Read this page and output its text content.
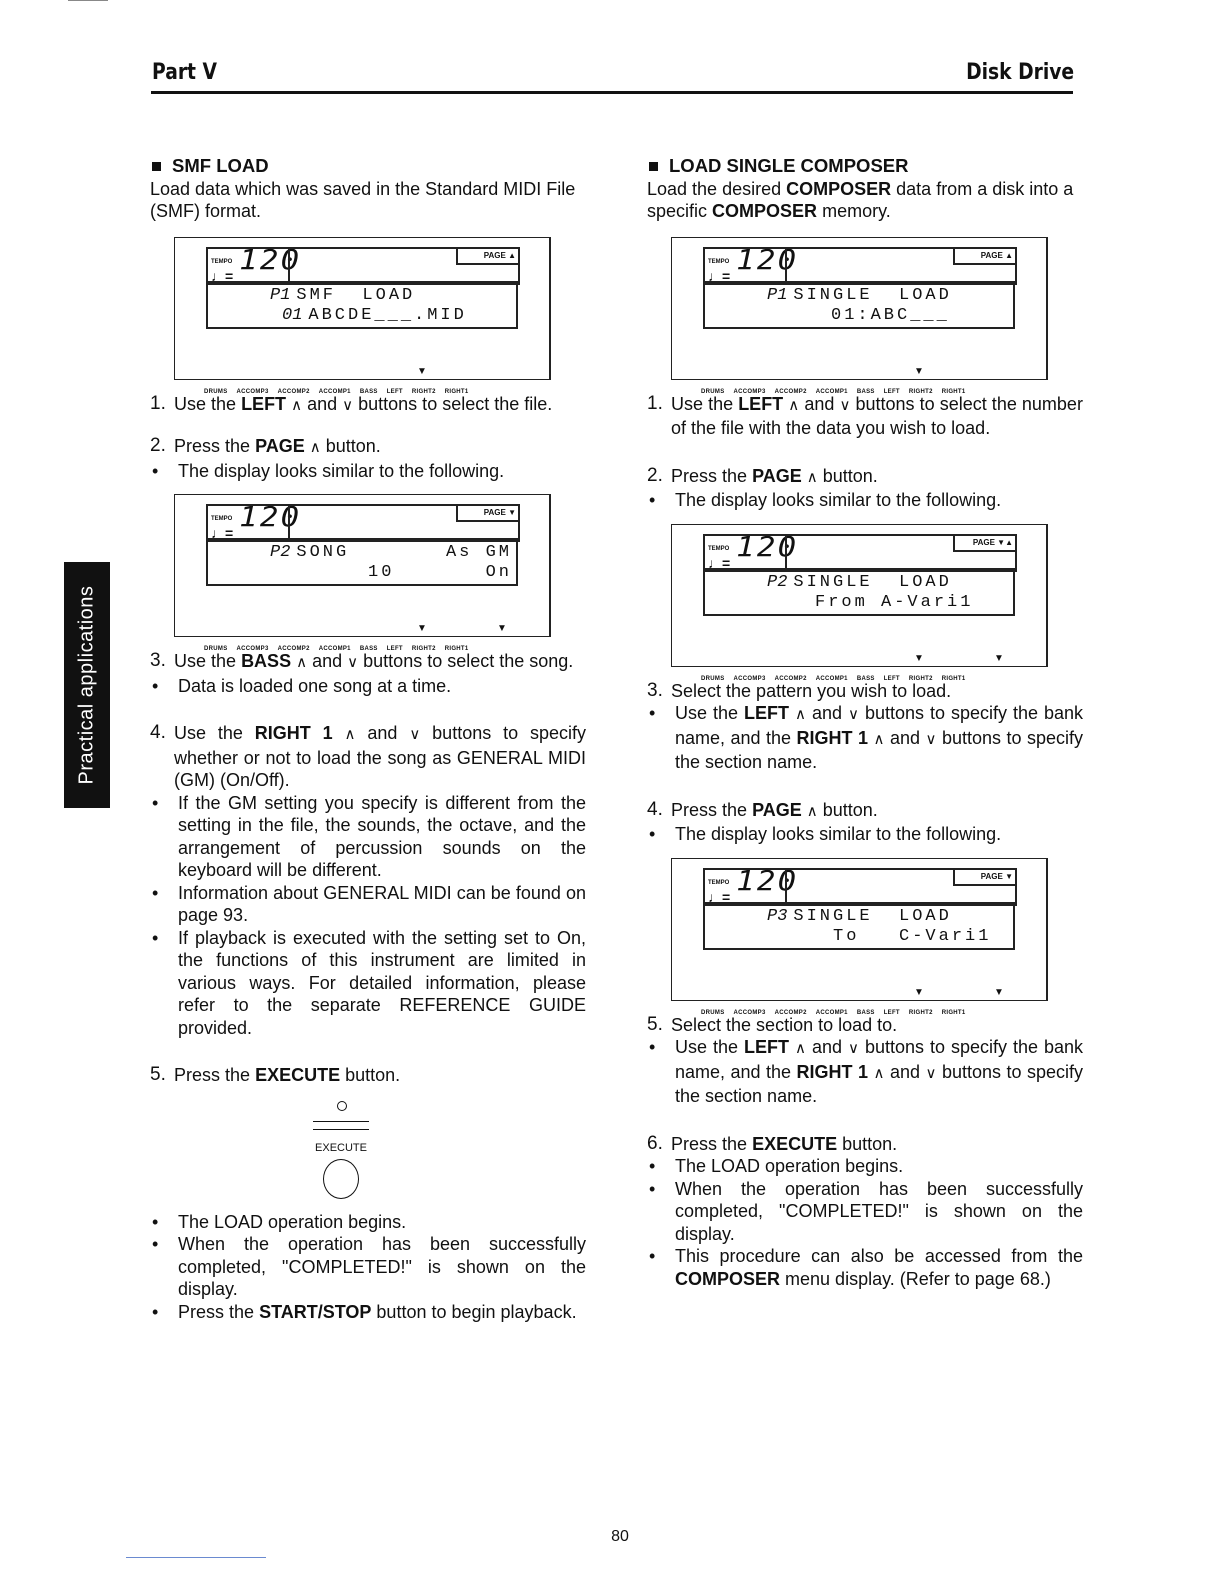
Part V	Disk Drive
Practical applications
SMF LOAD

Load data which was saved in the Standard MIDI File (SMF) format.

TEMPO
♩= 120	PAGE ▲
P1 SMF  LOAD
01 ABCDE___.MID
▼
DRUMS ACCOMP3 ACCOMP2 ACCOMP1 BASS LEFT RIGHT2 RIGHT1
1. Use the LEFT ∧ and ∨ buttons to select the file.
2. Press the PAGE ∧ button.
•	The display looks similar to the following.
TEMPO
♩= 120	PAGE ▼
P2 SONG	As GM
10	On
▼	▼
DRUMS ACCOMP3 ACCOMP2 ACCOMP1 BASS LEFT RIGHT2 RIGHT1
3. Use the BASS ∧ and ∨ buttons to select the song.
•	Data is loaded one song at a time.
4. Use the RIGHT 1 ∧ and ∨ buttons to specify whether or not to load the song as GENERAL MIDI (GM) (On/Off).
•	If the GM setting you specify is different from the setting in the file, the sounds, the octave, and the arrangement of percussion sounds on the keyboard will be different.
•	Information about GENERAL MIDI can be found on page 93.
•	If playback is executed with the setting set to On, the functions of this instrument are limited in various ways. For detailed information, please refer to the separate REFERENCE GUIDE provided.
5. Press the EXECUTE button.
EXECUTE
•	The LOAD operation begins.
•	When the operation has been successfully completed, "COMPLETED!" is shown on the display.
•	Press the START/STOP button to begin playback.
LOAD SINGLE COMPOSER

Load the desired COMPOSER data from a disk into a specific COMPOSER memory.

TEMPO
♩= 120	PAGE ▲
P1 SINGLE  LOAD
01:ABC___
▼
DRUMS ACCOMP3 ACCOMP2 ACCOMP1 BASS LEFT RIGHT2 RIGHT1
1. Use the LEFT ∧ and ∨ buttons to select the number of the file with the data you wish to load.
2. Press the PAGE ∧ button.
•	The display looks similar to the following.
TEMPO
♩= 120	PAGE ▼▲
P2 SINGLE  LOAD
From A-Vari1
▼	▼
DRUMS ACCOMP3 ACCOMP2 ACCOMP1 BASS LEFT RIGHT2 RIGHT1
3. Select the pattern you wish to load.
•	Use the LEFT ∧ and ∨ buttons to specify the bank name, and the RIGHT 1 ∧ and ∨ buttons to specify the section name.
4. Press the PAGE ∧ button.
•	The display looks similar to the following.
TEMPO
♩= 120	PAGE ▼
P3 SINGLE  LOAD
To   C-Vari1
▼	▼
DRUMS ACCOMP3 ACCOMP2 ACCOMP1 BASS LEFT RIGHT2 RIGHT1
5. Select the section to load to.
•	Use the LEFT ∧ and ∨ buttons to specify the bank name, and the RIGHT 1 ∧ and ∨ buttons to specify the section name.
6. Press the EXECUTE button.
•	The LOAD operation begins.
•	When the operation has been successfully completed, "COMPLETED!" is shown on the display.
•	This procedure can also be accessed from the COMPOSER menu display. (Refer to page 68.)
80
